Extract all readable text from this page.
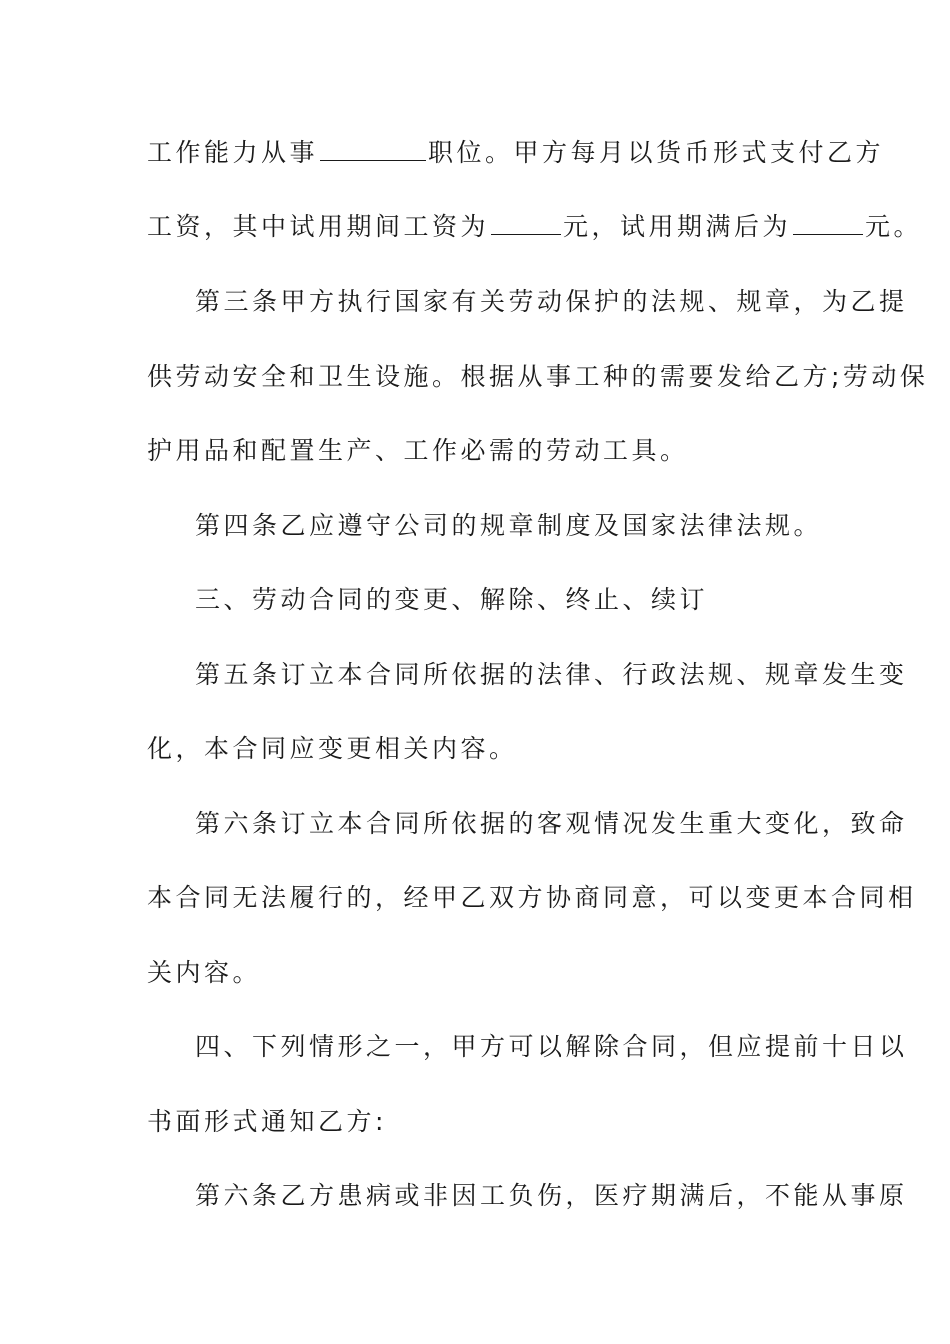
工作能力从事	职位。甲方每月以货币形式支付乙方
工资，其中试用期间工资为	元，试用期满后为	元。
第三条甲方执行国家有关劳动保护的法规、规章，为乙提
供劳动安全和卫生设施。根据从事工种的需要发给乙方;劳动保
护用品和配置生产、工作必需的劳动工具。
第四条乙应遵守公司的规章制度及国家法律法规。
三、劳动合同的变更、解除、终止、续订
第五条订立本合同所依据的法律、行政法规、规章发生变
化，本合同应变更相关内容。
第六条订立本合同所依据的客观情况发生重大变化，致命
本合同无法履行的，经甲乙双方协商同意，可以变更本合同相
关内容。
四、下列情形之一，甲方可以解除合同，但应提前十日以
书面形式通知乙方:
第六条乙方患病或非因工负伤，医疗期满后，不能从事原
